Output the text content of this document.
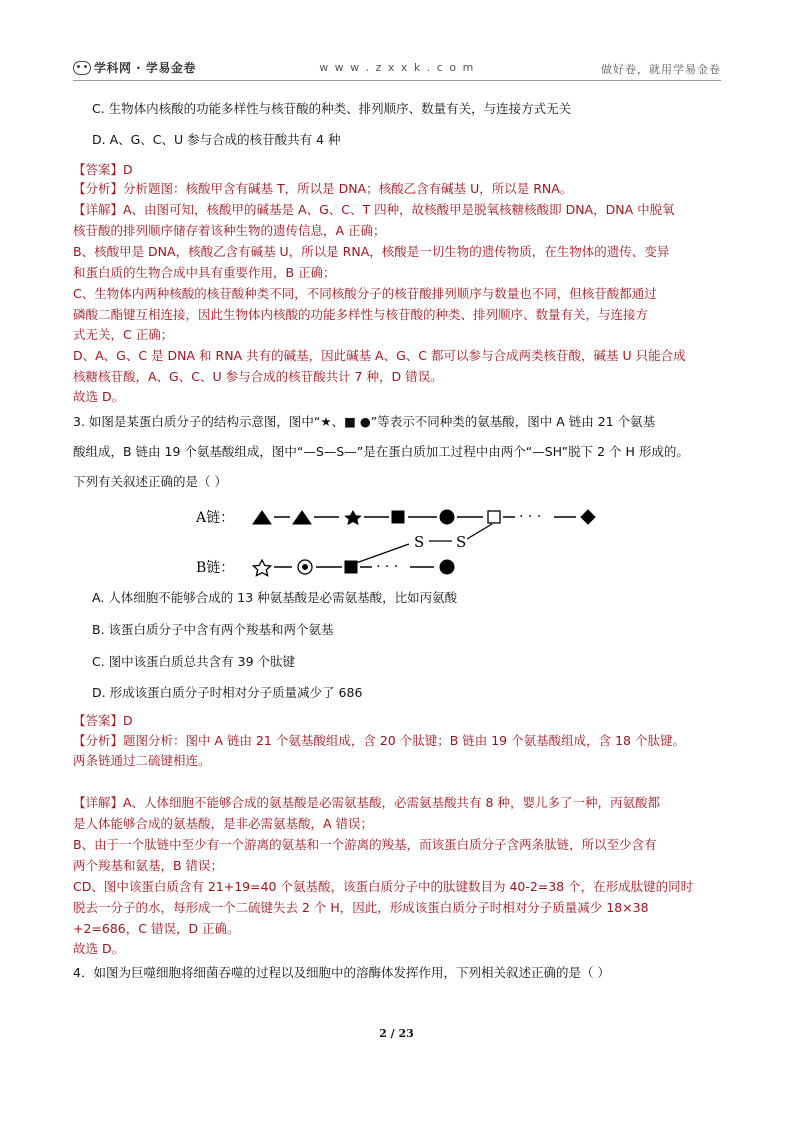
学科网 · 学易金卷	w w w . z x x k . c o m	做好卷，就用学易金卷
C. 生物体内核酸的功能多样性与核苷酸的种类、排列顺序、数量有关，与连接方式无关
D. A、G、C、U 参与合成的核苷酸共有 4 种
【答案】D
【分析】分析题图：核酸甲含有碱基 T，所以是 DNA；核酸乙含有碱基 U，所以是 RNA。
【详解】A、由图可知，核酸甲的碱基是 A、G、C、T 四种，故核酸甲是脱氧核糖核酸即 DNA，DNA 中脱氧
核苷酸的排列顺序储存着该种生物的遗传信息，A 正确；
B、核酸甲是 DNA，核酸乙含有碱基 U，所以是 RNA，核酸是一切生物的遗传物质，在生物体的遗传、变异
和蛋白质的生物合成中具有重要作用，B 正确；
C、生物体内两种核酸的核苷酸种类不同，不同核酸分子的核苷酸排列顺序与数量也不同，但核苷酸都通过
磷酸二酯键互相连接，因此生物体内核酸的功能多样性与核苷酸的种类、排列顺序、数量有关，与连接方
式无关，C 正确；
D、A、G、C 是 DNA 和 RNA 共有的碱基，因此碱基 A、G、C 都可以参与合成两类核苷酸，碱基 U 只能合成
核糖核苷酸，A、G、C、U 参与合成的核苷酸共计 7 种，D 错误。
故选 D。
3. 如图是某蛋白质分子的结构示意图，图中“★、■ ●”等表示不同种类的氨基酸，图中 A 链由 21 个氨基
酸组成，B 链由 19 个氨基酸组成，图中“—S—S—”是在蛋白质加工过程中由两个“—SH”脱下 2 个 H 形成的。
下列有关叙述正确的是（ ）
A链：
B链：
· · ·
S
S
· · ·
A. 人体细胞不能够合成的 13 种氨基酸是必需氨基酸，比如丙氨酸
B. 该蛋白质分子中含有两个羧基和两个氨基
C. 图中该蛋白质总共含有 39 个肽键
D. 形成该蛋白质分子时相对分子质量减少了 686
【答案】D
【分析】题图分析：图中 A 链由 21 个氨基酸组成，含 20 个肽键；B 链由 19 个氨基酸组成，含 18 个肽键。
两条链通过二硫键相连。
【详解】A、人体细胞不能够合成的氨基酸是必需氨基酸，必需氨基酸共有 8 种，婴儿多了一种，丙氨酸都
是人体能够合成的氨基酸，是非必需氨基酸，A 错误；
B、由于一个肽链中至少有一个游离的氨基和一个游离的羧基，而该蛋白质分子含两条肽链，所以至少含有
两个羧基和氨基，B 错误；
CD、图中该蛋白质含有 21+19=40 个氨基酸，该蛋白质分子中的肽键数目为 40-2=38 个，在形成肽键的同时
脱去一分子的水，每形成一个二硫键失去 2 个 H，因此，形成该蛋白质分子时相对分子质量减少 18×38
+2=686，C 错误，D 正确。
故选 D。
4．如图为巨噬细胞将细菌吞噬的过程以及细胞中的溶酶体发挥作用，下列相关叙述正确的是（ ）
2 / 23
